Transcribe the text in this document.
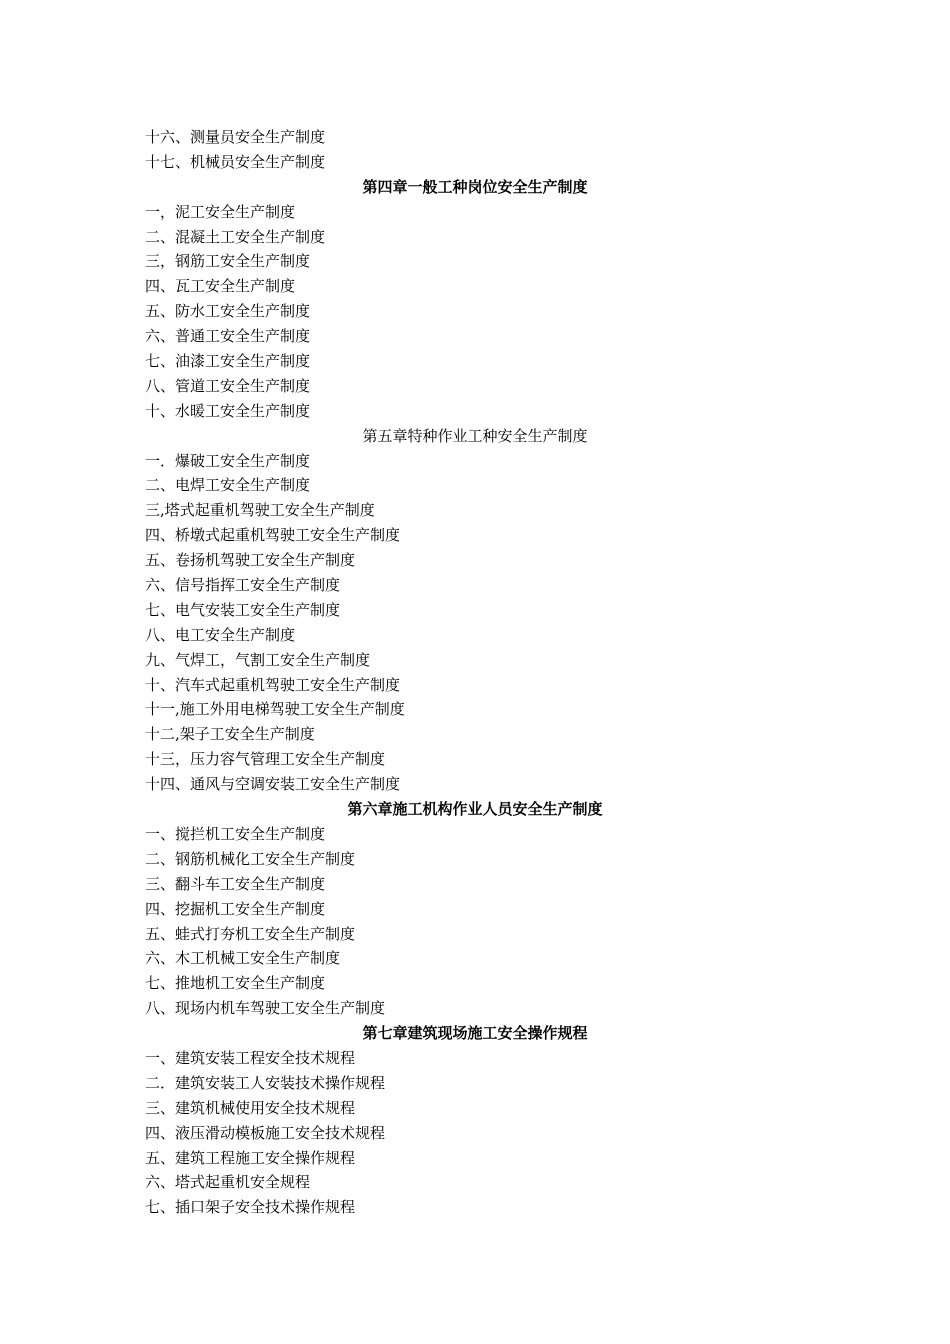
十六、测量员安全生产制度
十七、机械员安全生产制度
第四章一般工种岗位安全生产制度
一，泥工安全生产制度
二、混凝土工安全生产制度
三，钢筋工安全生产制度
四、瓦工安全生产制度
五、防水工安全生产制度
六、普通工安全生产制度
七、油漆工安全生产制度
八、管道工安全生产制度
十、水暖工安全生产制度
第五章特种作业工种安全生产制度
一．爆破工安全生产制度
二、电焊工安全生产制度
三,塔式起重机驾驶工安全生产制度
四、桥墩式起重机驾驶工安全生产制度
五、卷扬机驾驶工安全生产制度
六、信号指挥工安全生产制度
七、电气安装工安全生产制度
八、电工安全生产制度
九、气焊工，气割工安全生产制度
十、汽车式起重机驾驶工安全生产制度
十一,施工外用电梯驾驶工安全生产制度
十二,架子工安全生产制度
十三，压力容气管理工安全生产制度
十四、通风与空调安装工安全生产制度
第六章施工机构作业人员安全生产制度
一、搅拦机工安全生产制度
二、钢筋机械化工安全生产制度
三、翻斗车工安全生产制度
四、挖掘机工安全生产制度
五、蛙式打夯机工安全生产制度
六、木工机械工安全生产制度
七、推地机工安全生产制度
八、现场内机车驾驶工安全生产制度
第七章建筑现场施工安全操作规程
一、建筑安装工程安全技术规程
二．建筑安装工人安装技术操作规程
三、建筑机械使用安全技术规程
四、液压滑动模板施工安全技术规程
五、建筑工程施工安全操作规程
六、塔式起重机安全规程
七、插口架子安全技术操作规程
